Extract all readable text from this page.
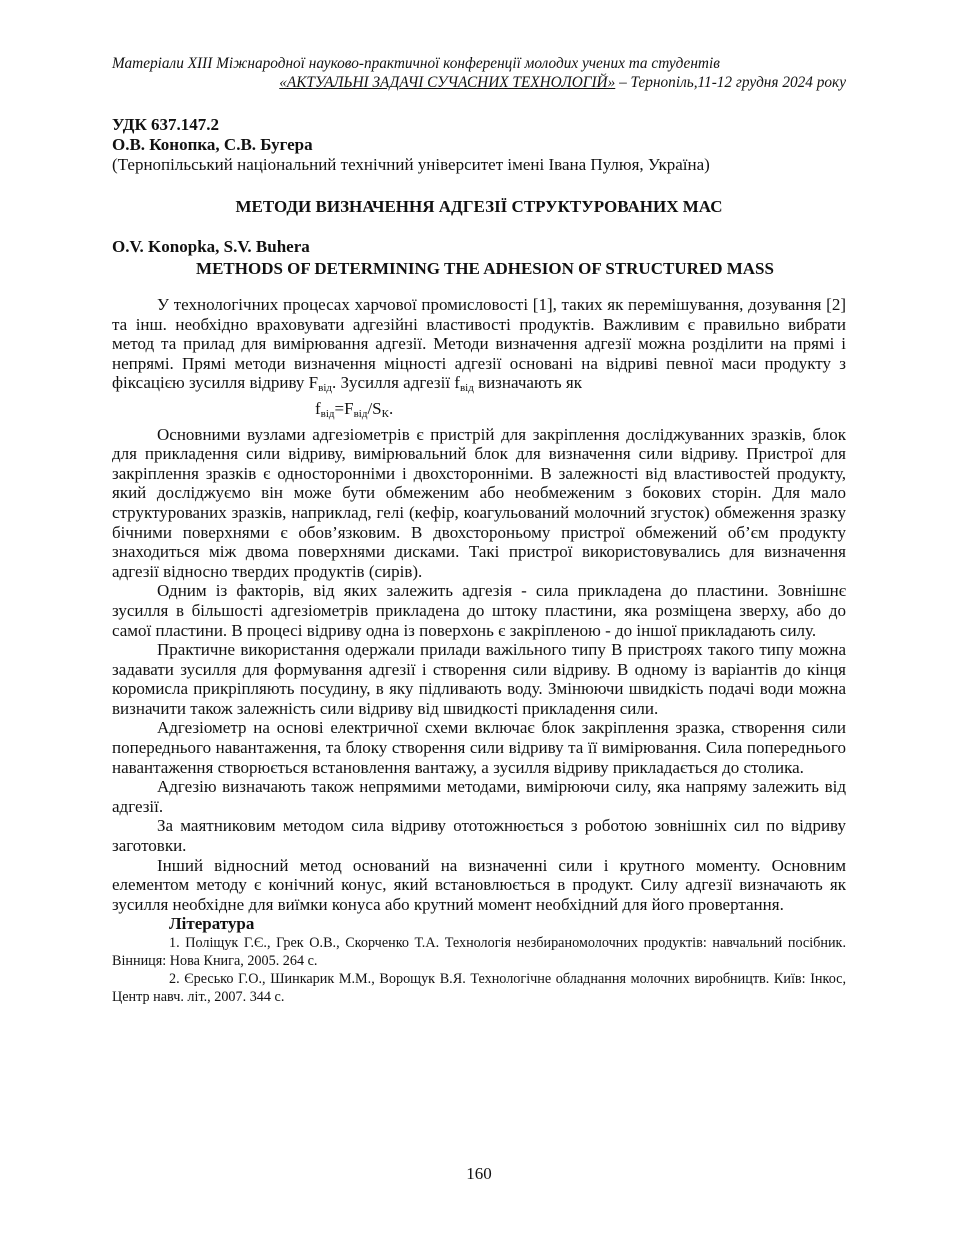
Матеріали XIII Міжнародної науково-практичної конференції молодих учених та студентів
«АКТУАЛЬНІ ЗАДАЧІ СУЧАСНИХ ТЕХНОЛОГІЙ» – Тернопіль,11-12 грудня 2024 року
УДК 637.147.2
О.В. Конопка, С.В. Бугера
(Тернопільський національний технічний університет імені Івана Пулюя, Україна)
МЕТОДИ ВИЗНАЧЕННЯ АДГЕЗІЇ СТРУКТУРОВАНИХ МАС
O.V. Konopka, S.V. Buhera
METHODS OF DETERMINING THE ADHESION OF STRUCTURED MASS

У технологічних процесах харчової промисловості [1], таких як перемішування, дозування [2] та інш. необхідно враховувати адгезійні властивості продуктів. Важливим є правильно вибрати метод та прилад для вимірювання адгезії. Методи визначення адгезії можна розділити на прямі і непрямі. Прямі методи визначення міцності адгезії основані на відриві певної маси продукту з фіксацією зусилля відриву $F_{від}$. Зусилля адгезії $f_{від}$ визначають як

$f_{від}=F_{від}/S_К$.

Основними вузлами адгезіометрів є пристрій для закріплення досліджуванних зразків, блок для прикладення сили відриву, вимірювальний блок для визначення сили відриву. Пристрої для закріплення зразків є односторонніми і двохсторонніми. В залежності від властивостей продукту, який досліджуємо він може бути обмеженим або необмеженим з бокових сторін. Для мало структурованих зразків, наприклад, гелі (кефір, коагульований молочний згусток) обмеження зразку бічними поверхнями є обов’язковим. В двохстороньому пристрої обмежений об’єм продукту знаходиться між двома поверхнями дисками. Такі пристрої використовувались для визначення адгезії відносно твердих продуктів (сирів).

Одним із факторів, від яких залежить адгезія - сила прикладена до пластини. Зовнішнє зусилля в більшості адгезіометрів прикладена до штоку пластини, яка розміщена зверху, або до самої пластини. В процесі відриву одна із поверхонь є закріпленою - до іншої прикладають силу.

Практичне використання одержали прилади важільного типу В пристроях такого типу можна задавати зусилля для формування адгезії і створення сили відриву. В одному із варіантів до кінця коромисла прикріпляють посудину, в яку підливають воду. Змінюючи швидкість подачі води можна визначити також залежність сили відриву від швидкості прикладення сили.

Адгезіометр на основі електричної схеми включає блок закріплення зразка, створення сили попереднього навантаження, та блоку створення сили відриву та її вимірювання. Сила попереднього навантаження створюється встановлення вантажу, а зусилля відриву прикладається до столика.

Адгезію визначають також непрямими методами, вимірюючи силу, яка напряму залежить від адгезії.

За маятниковим методом сила відриву ототожнюється з роботою зовнішніх сил по відриву заготовки.

Інший відносний метод оснований на визначенні сили і крутного моменту. Основним елементом методу є конічний конус, який встановлюється в продукт. Силу адгезії визначають як зусилля необхідне для виїмки конуса або крутний момент необхідний для його провертання.

Література

1. Поліщук Г.Є., Грек О.В., Скорченко Т.А. Технологія незбираномолочних продуктів: навчальний посібник. Вінниця: Нова Книга, 2005. 264 с.

2. Єресько Г.О., Шинкарик М.М., Ворощук В.Я. Технологічне обладнання молочних виробництв. Київ: Інкос, Центр навч. літ., 2007. 344 с.

160
